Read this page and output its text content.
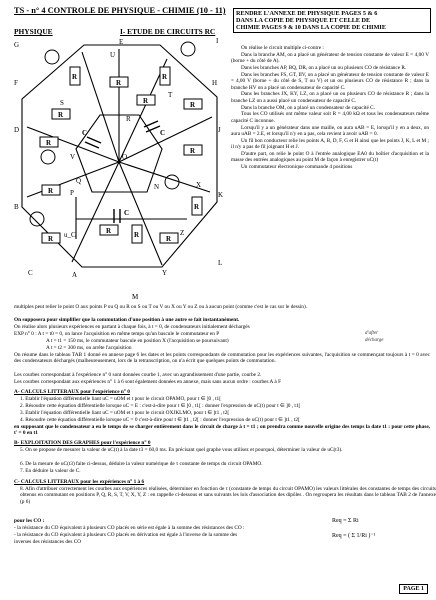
TS - n° 4 CONTROLE DE PHYSIQUE - CHIMIE (10 - 11)
PHYSIQUE	I- ETUDE DE CIRCUITS RC
RENDRE L'ANNEXE DE PHYSIQUE PAGES 5 & 6
DANS LA COPIE DE PHYSIQUE ET CELLE DE
CHIMIE PAGES 9 & 10 DANS LA COPIE DE CHIMIE
R
R	R
R
R
R
R
R
R
R
R
R
R
R
C
C
C
E
F
G
D
I
H
J
L
K
X
Y
Z
B
C	A
P
O
R
M
N
Q
U
V
T
S
u_C

On réalise le circuit multiple ci-contre :

Dans la branche AM, on a placé un générateur de tension constante de valeur E = 4,00 V (borne + du côté de A).

Dans les branches AP, BQ, DR, on a placé un ou plusieurs CO de résistance R.

Dans les branches FS, GT, IIV, on a placé un générateur de tension constante de valeur E = 4,00 V (borne + du côté de S, T ou V) et un ou plusieurs CO de résistance R ; dans la branche HV on a placé un condensateur de capacité C.

Dans les branches JX, KY, LZ, on a placé un ou plusieurs CO de résistance R ; dans la branche LZ on a aussi placé un condensateur de capacité C.

Dans la branche OM, on a placé un condensateur de capacité C.

Tous les CO utilisés ont même valeur soit R = 4,00 kΩ et tous les condensateurs même capacité C inconnue.

Lorsqu'il y a un générateur dans une maille, on aura uAB = E, lorsqu'il y en a deux, on aura uAB = 2.E, et lorsqu'il n'y en a pas, cela revient à avoir uAB = 0.

Un fil bon conducteur relie les points A, B, D, F, G et H ainsi que les points J, K, L et M ; il n'y a pas de fil joignant H et J.

D'autre part, on relie le point O à l'entrée analogique EA0 du boîtier d'acquisition et la masse des entrées analogiques au point M de façon à enregistrer uC(t)

Un commutateur électronique commande 4 positions

multiples peut relier le point O aux points P ou Q ou R ou S ou T ou V ou X ou Y ou Z ou à aucun point (comme c'est le cas sur le dessin).
On supposera pour simplifier que la commutation d'une position à une autre se fait instantanément.
On réalise alors plusieurs expériences en partant à chaque fois, à t = 0, de condensateurs initialement déchargés
EXP n° 0 : A t = t0 = 0, on lance l'acquisition en même temps qu'un bascule le commutateur en P
A t = t1 = 150 ms, le commutateur bascule en position X (l'acquisition se poursuivant)
A t = t2 = 300 ms, on arrête l'acquisition
On résume dans le tableau TAB 1 donné en annexe page 6 les dates et les points correspondants de commutation pour les expériences suivantes, l'acquisition se commençant toujours à t = 0 avec des condensateurs déchargés (malheureusement, lors de la retranscription, on n'a écrit que quelques points de commutation.
Les courbes correspondant à l'expérience n° 0 sont données courbe 1, avec un agrandissement d'une partie, courbe 2.
Les courbes correspondant aux expériences n° 1 à 6 sont également données en annexe, mais sans aucun ordre : courbes A à F
A- CALCULS LITTERAUX pour l'expérience n° 0
1. Etablir l'équation différentielle liant uC = uOM et t pour le circuit OPAMO, pour t ∈ ]0 , t1[
2. Résoudre cette équation différentielle lorsque uC = E : c'est-à-dire pour t ∈ ]0 , t1[ : donner l'expression de uC(t) pour t ∈ ]0 , t1[
3. Etablir l'équation différentielle liant uC = uOM et t pour le circuit OXJKLMO, pour t ∈ ]t1 , t2[
4. Résoudre cette équation différentielle lorsque uC = 0 c'est-à-dire pour t ∈ ]t1 , t2[ : donner l'expression de uC(t) pour t ∈ ]t1 , t2[
en supposant que le condensateur a eu le temps de se charger entièrement dans le circuit de charge à t = t1 ; on prendra comme nouvelle origine des temps la date t1 : pour cette phase, t' = 0 en t1
B- EXPLOITATION DES GRAPHES pour l'expérience n° 0
5. On se propose de mesurer la valeur de uC(t) à la date t3 = 60,0 ms. En précisant quel graphe vous utilisez et pourquoi, déterminer la valeur de uC(t3).
6. De la mesure de uC(t3) faite ci-dessus, déduire la valeur numérique de τ constante de temps du circuit OPAMO.
7. En déduire la valeur de C.
C- CALCULS LITTERAUX pour les expériences n° 1 à 6
8. Afin d'attribuer correctement les courbes aux expériences réalisées, déterminer en fonction de τ (constante de temps du circuit OPAMO) les valeurs littérales des constantes de temps des circuits obtenus en commutant en positions P, Q, R, S, T, V, X, Y, Z : en rappelle ci-dessous et sans suivants les lois d'association des dipôles . On regroupera les résultats dans le tableau TAB 2 de l'annexe (p 6)
pour les CO :
- la résistance du CO équivalent à plusieurs CO placés en série est égale à la somme des résistances des CO :
- la résistance du CO équivalent à plusieurs CO placés en dérivation est égale à l'inverse de la somme des
inverses des résistances des CO
d'after
décharge
Req = Σ Ri
Req = ( Σ 1/Ri )⁻¹
PAGE 1
